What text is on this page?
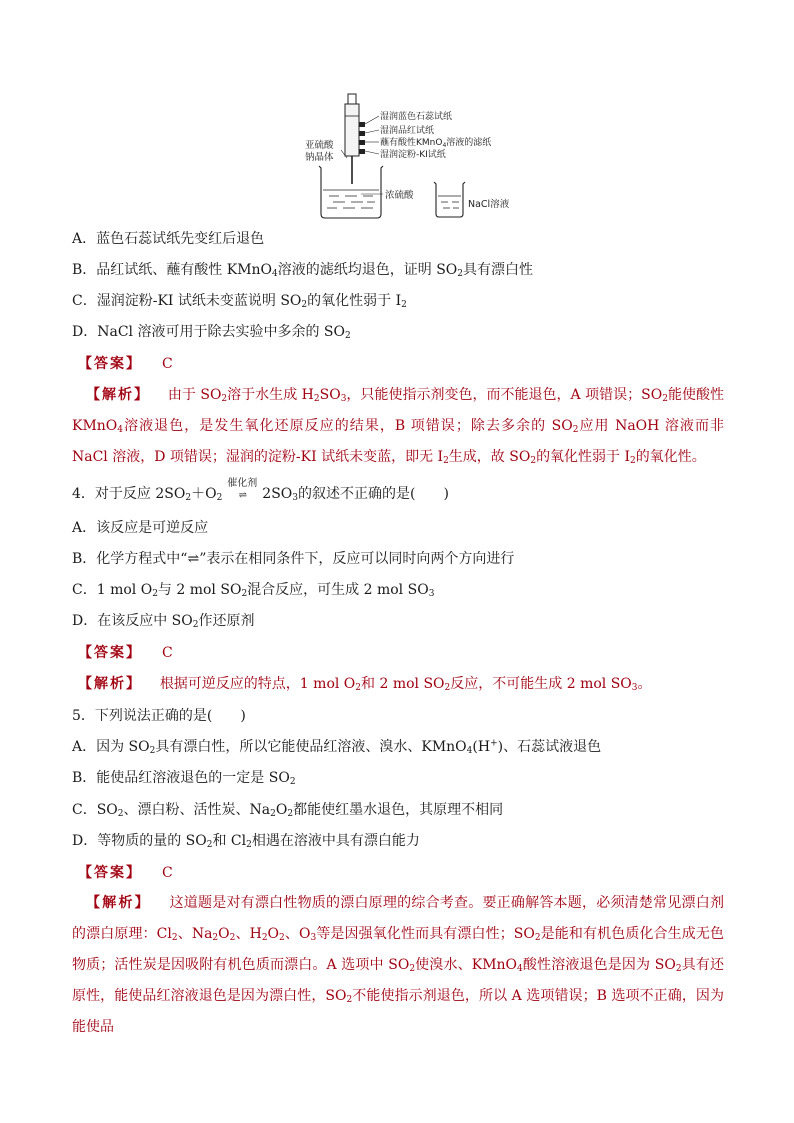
湿润蓝色石蕊试纸
湿润品红试纸
蘸有酸性KMnO$_4$溶液的滤纸
湿润淀粉-KI试纸
亚硫酸
钠晶体
浓硫酸
NaCl溶液
A．蓝色石蕊试纸先变红后退色
B．品红试纸、蘸有酸性 KMnO$_4$溶液的滤纸均退色，证明 $SO_2$具有漂白性
C．湿润淀粉-KI 试纸未变蓝说明 $SO_2$的氧化性弱于 $I_2$
D．NaCl 溶液可用于除去实验中多余的 $SO_2$
【答案】 C
【解析】 由于 $SO_2$溶于水生成 $H_2SO_3$，只能使指示剂变色，而不能退色，A 项错误；$SO_2$能使酸性 KMnO$_4$溶液退色，是发生氧化还原反应的结果，B 项错误；除去多余的 $SO_2$应用 NaOH 溶液而非 NaCl 溶液，D 项错误；湿润的淀粉-KI 试纸未变蓝，即无 $I_2$生成，故 $SO_2$的氧化性弱于 $I_2$的氧化性。
4．对于反应 $2SO_2+O_2$
催化剂
⇌ $2SO_3$的叙述不正确的是(　　)
A．该反应是可逆反应
B．化学方程式中“⇌”表示在相同条件下，反应可以同时向两个方向进行
C．1 mol $O_2$与 2 mol $SO_2$混合反应，可生成 2 mol $SO_3$
D．在该反应中 $SO_2$作还原剂
【答案】 C
【解析】 根据可逆反应的特点，1 mol $O_2$和 2 mol $SO_2$反应，不可能生成 2 mol $SO_3$。
5．下列说法正确的是(　　)
A．因为 $SO_2$具有漂白性，所以它能使品红溶液、溴水、KMnO$_4$(H+)、石蕊试液退色
B．能使品红溶液退色的一定是 $SO_2$
C．$SO_2$、漂白粉、活性炭、$Na_2O_2$都能使红墨水退色，其原理不相同
D．等物质的量的 $SO_2$和 $Cl_2$相遇在溶液中具有漂白能力
【答案】 C
【解析】 这道题是对有漂白性物质的漂白原理的综合考查。要正确解答本题，必须清楚常见漂白剂的漂白原理：$Cl_2$、$Na_2O_2$、$H_2O_2$、$O_3$等是因强氧化性而具有漂白性；$SO_2$是能和有机色质化合生成无色物质；活性炭是因吸附有机色质而漂白。A 选项中 $SO_2$使溴水、KMnO$_4$酸性溶液退色是因为 $SO_2$具有还原性，能使品红溶液退色是因为漂白性，$SO_2$不能使指示剂退色，所以 A 选项错误；B 选项不正确，因为能使品
